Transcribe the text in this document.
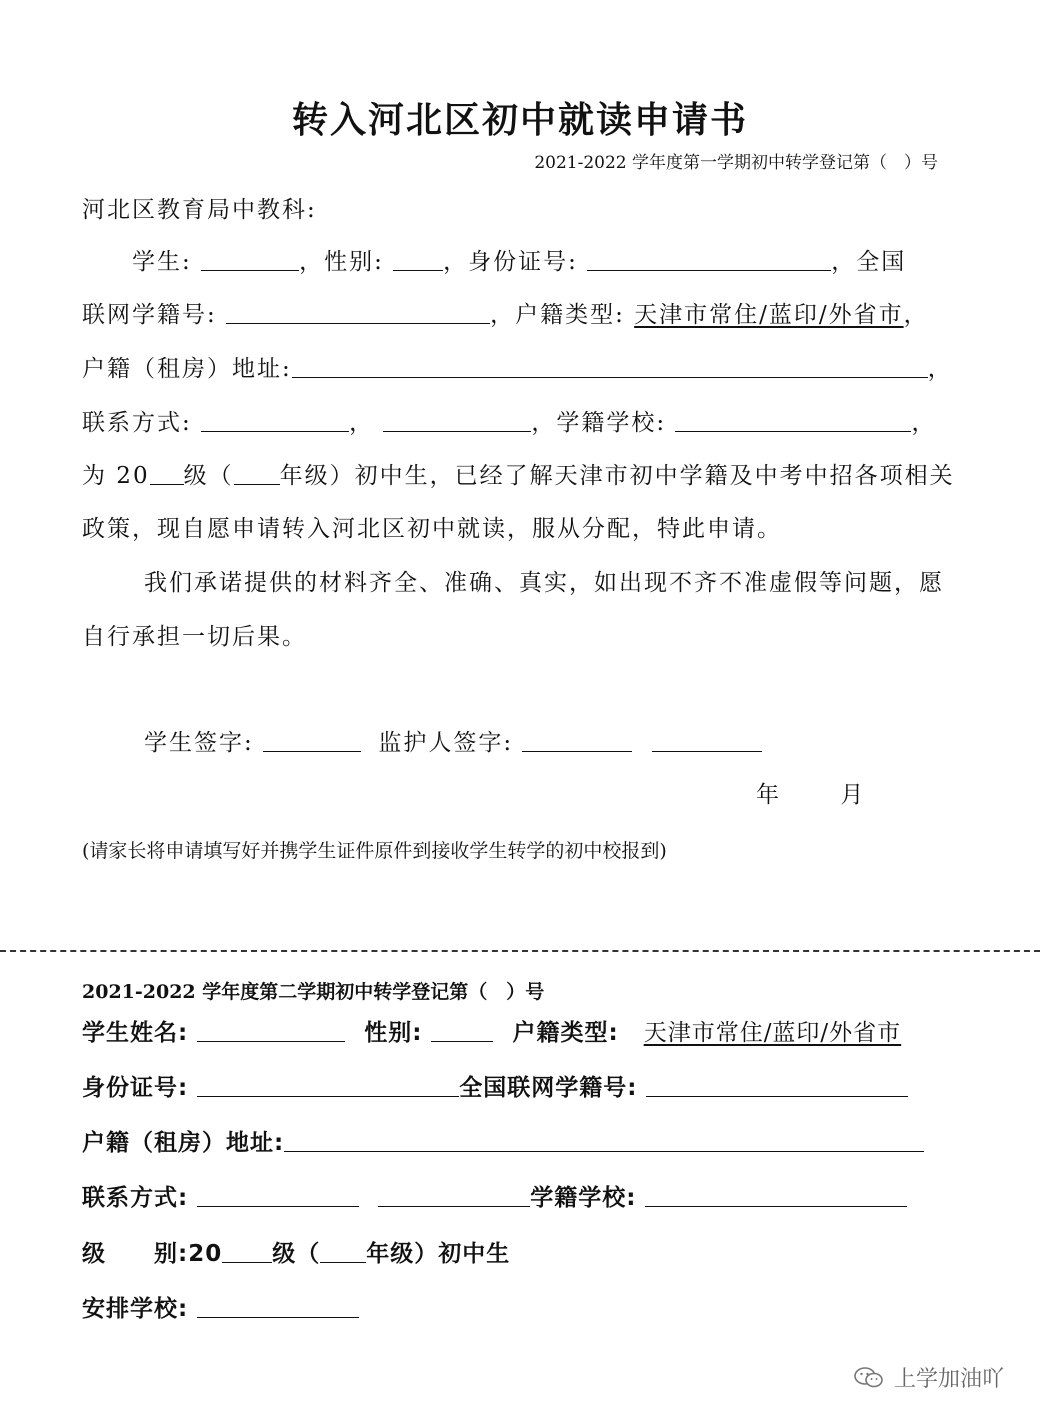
转入河北区初中就读申请书
2021-2022 学年度第一学期初中转学登记第（　）号
河北区教育局中教科:
学生:	，性别:	，身份证号:	，全国
联网学籍号:	，户籍类型: 天津市常住/蓝印/外省市，
户籍（租房）地址:	，
联系方式:	，	，学籍学校:	，
为 20 级（ 年级）初中生，已经了解天津市初中学籍及中考中招各项相关
政策，现自愿申请转入河北区初中就读，服从分配，特此申请。
我们承诺提供的材料齐全、准确、真实，如出现不齐不准虚假等问题，愿
自行承担一切后果。
学生签字:	监护人签字:
年	月
(请家长将申请填写好并携学生证件原件到接收学生转学的初中校报到)
2021-2022 学年度第二学期初中转学登记第（　）号
学生姓名:	性别:	户籍类型: 天津市常住/蓝印/外省市
身份证号:	全国联网学籍号:
户籍（租房）地址:
联系方式:	学籍学校:
级　　别:20 级（ 年级）初中生
安排学校:
上学加油吖
